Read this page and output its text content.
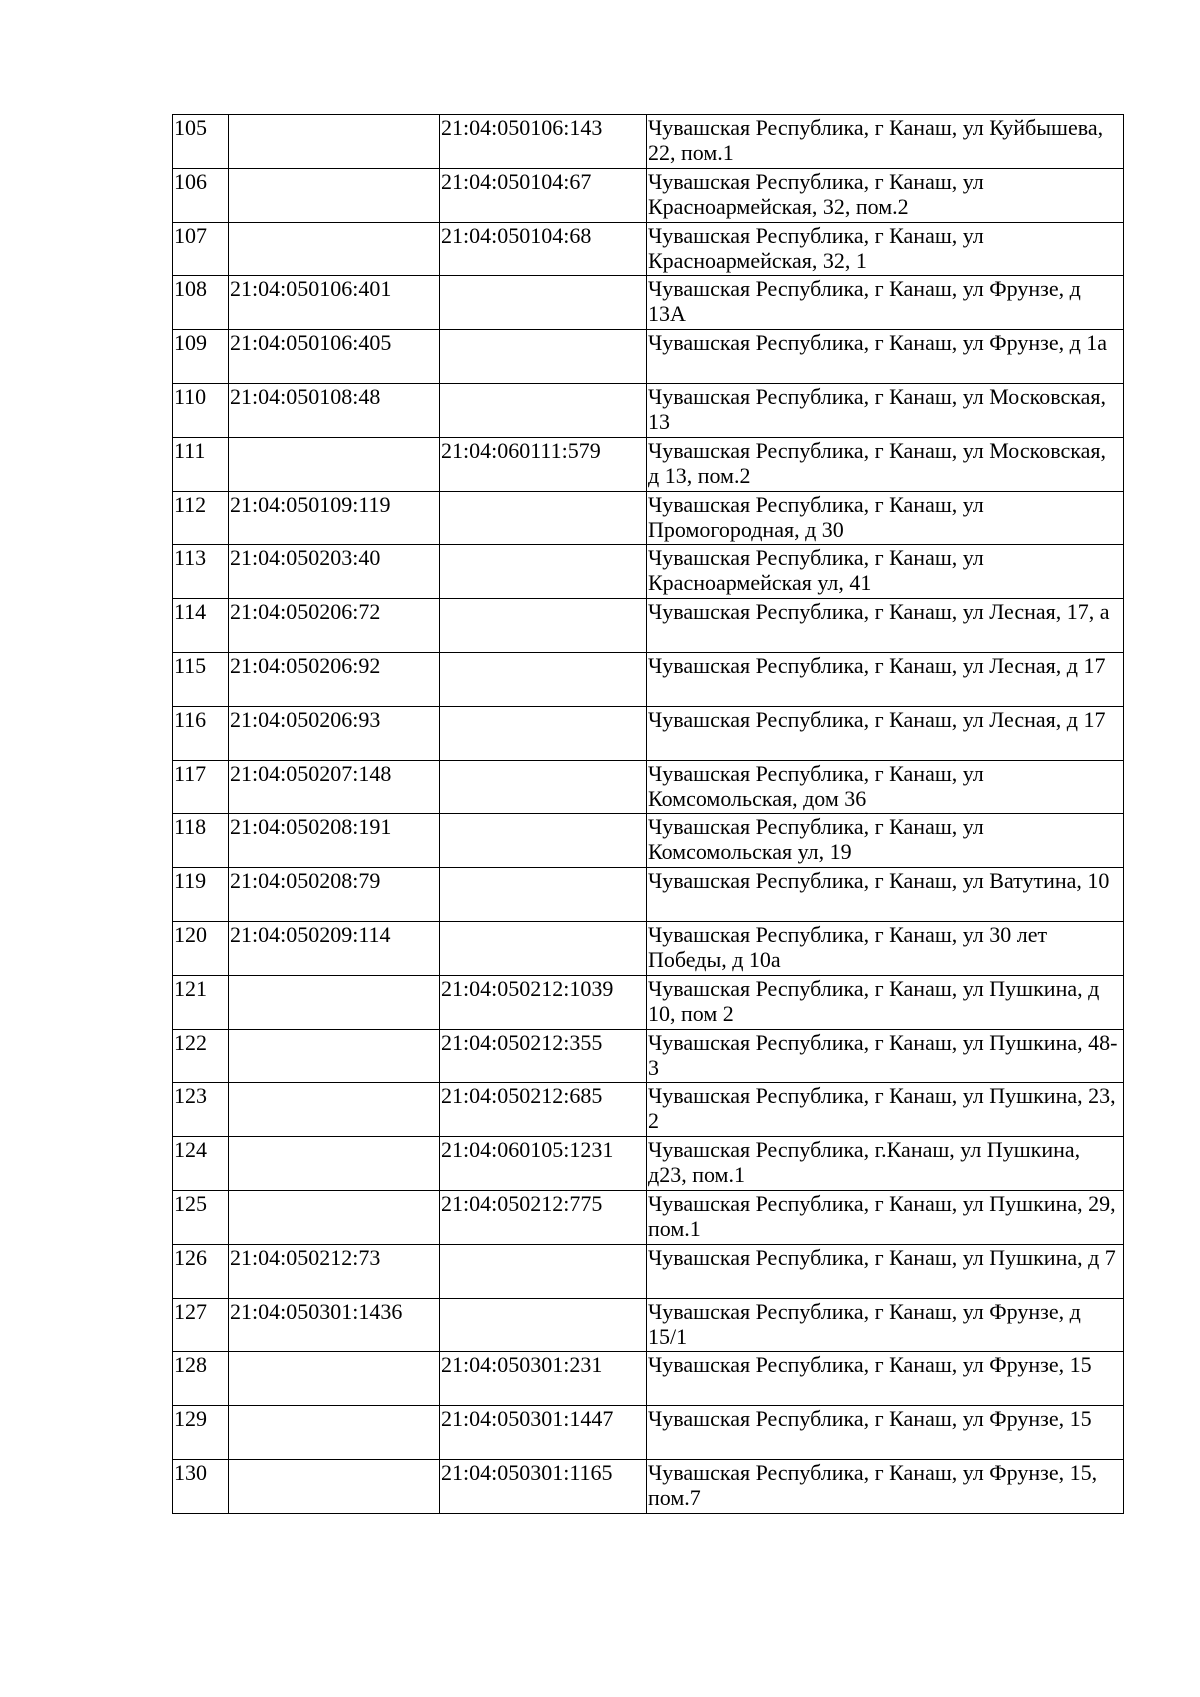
105		21:04:050106:143	Чувашская Республика, г Канаш, ул Куйбышева, 22, пом.1
106		21:04:050104:67	Чувашская Республика, г Канаш, ул Красноармейская, 32, пом.2
107		21:04:050104:68	Чувашская Республика, г Канаш, ул Красноармейская, 32, 1
108	21:04:050106:401		Чувашская Республика, г Канаш, ул Фрунзе, д 13А
109	21:04:050106:405		Чувашская Республика, г Канаш, ул Фрунзе, д 1а
110	21:04:050108:48		Чувашская Республика, г Канаш, ул Московская, 13
111		21:04:060111:579	Чувашская Республика, г Канаш, ул Московская, д 13, пом.2
112	21:04:050109:119		Чувашская Республика, г Канаш, ул Промогородная, д 30
113	21:04:050203:40		Чувашская Республика, г Канаш, ул Красноармейская ул, 41
114	21:04:050206:72		Чувашская Республика, г Канаш, ул Лесная, 17, а
115	21:04:050206:92		Чувашская Республика, г Канаш, ул Лесная, д 17
116	21:04:050206:93		Чувашская Республика, г Канаш, ул Лесная, д 17
117	21:04:050207:148		Чувашская Республика, г Канаш, ул Комсомольская, дом 36
118	21:04:050208:191		Чувашская Республика, г Канаш, ул Комсомольская ул, 19
119	21:04:050208:79		Чувашская Республика, г Канаш, ул Ватутина, 10
120	21:04:050209:114		Чувашская Республика, г Канаш, ул 30 лет Победы, д 10а
121		21:04:050212:1039	Чувашская Республика, г Канаш, ул Пушкина, д 10, пом 2
122		21:04:050212:355	Чувашская Республика, г Канаш, ул Пушкина, 48-3
123		21:04:050212:685	Чувашская Республика, г Канаш, ул Пушкина, 23, 2
124		21:04:060105:1231	Чувашская Республика, г.Канаш, ул Пушкина, д23, пом.1
125		21:04:050212:775	Чувашская Республика, г Канаш, ул Пушкина, 29, пом.1
126	21:04:050212:73		Чувашская Республика, г Канаш, ул Пушкина, д 7
127	21:04:050301:1436		Чувашская Республика, г Канаш, ул Фрунзе, д 15/1
128		21:04:050301:231	Чувашская Республика, г Канаш, ул Фрунзе, 15
129		21:04:050301:1447	Чувашская Республика, г Канаш, ул Фрунзе, 15
130		21:04:050301:1165	Чувашская Республика, г Канаш, ул Фрунзе, 15, пом.7
